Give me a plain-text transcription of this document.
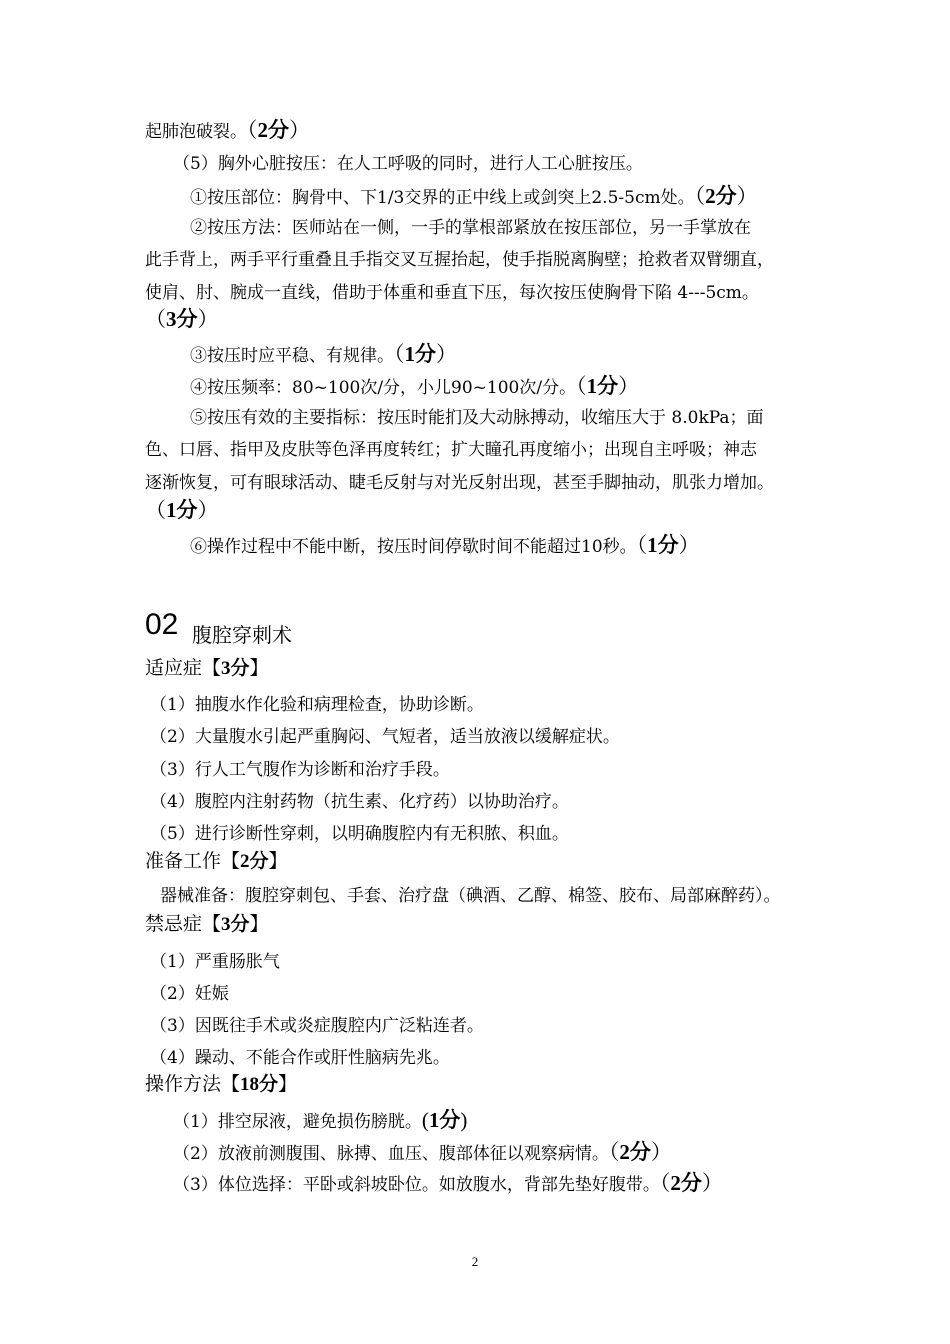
起肺泡破裂。（2分）
（5）胸外心脏按压：在人工呼吸的同时，进行人工心脏按压。
①按压部位：胸骨中、下1/3交界的正中线上或剑突上2.5-5cm处。（2分）
②按压方法：医师站在一侧，一手的掌根部紧放在按压部位，另一手掌放在
此手背上，两手平行重叠且手指交叉互握抬起，使手指脱离胸壁；抢救者双臂绷直，
使肩、肘、腕成一直线，借助于体重和垂直下压，每次按压使胸骨下陷 4---5cm。
（3分）
③按压时应平稳、有规律。（1分）
④按压频率：80~100次/分，小儿90~100次/分。（1分）
⑤按压有效的主要指标：按压时能扪及大动脉搏动，收缩压大于 8.0kPa；面
色、口唇、指甲及皮肤等色泽再度转红；扩大瞳孔再度缩小；出现自主呼吸；神志
逐渐恢复，可有眼球活动、睫毛反射与对光反射出现，甚至手脚抽动，肌张力增加。
（1分）
⑥操作过程中不能中断，按压时间停歇时间不能超过10秒。（1分）
02 腹腔穿刺术
适应症【3分】
（1）抽腹水作化验和病理检查，协助诊断。
（2）大量腹水引起严重胸闷、气短者，适当放液以缓解症状。
（3）行人工气腹作为诊断和治疗手段。
（4）腹腔内注射药物（抗生素、化疗药）以协助治疗。
（5）进行诊断性穿刺，以明确腹腔内有无积脓、积血。
准备工作【2分】
器械准备：腹腔穿刺包、手套、治疗盘（碘酒、乙醇、棉签、胶布、局部麻醉药）。
禁忌症【3分】
（1）严重肠胀气
（2）妊娠
（3）因既往手术或炎症腹腔内广泛粘连者。
（4）躁动、不能合作或肝性脑病先兆。
操作方法【18分】
（1）排空尿液，避免损伤膀胱。(1分)
（2）放液前测腹围、脉搏、血压、腹部体征以观察病情。（2分）
（3）体位选择：平卧或斜坡卧位。如放腹水，背部先垫好腹带。（2分）
2
